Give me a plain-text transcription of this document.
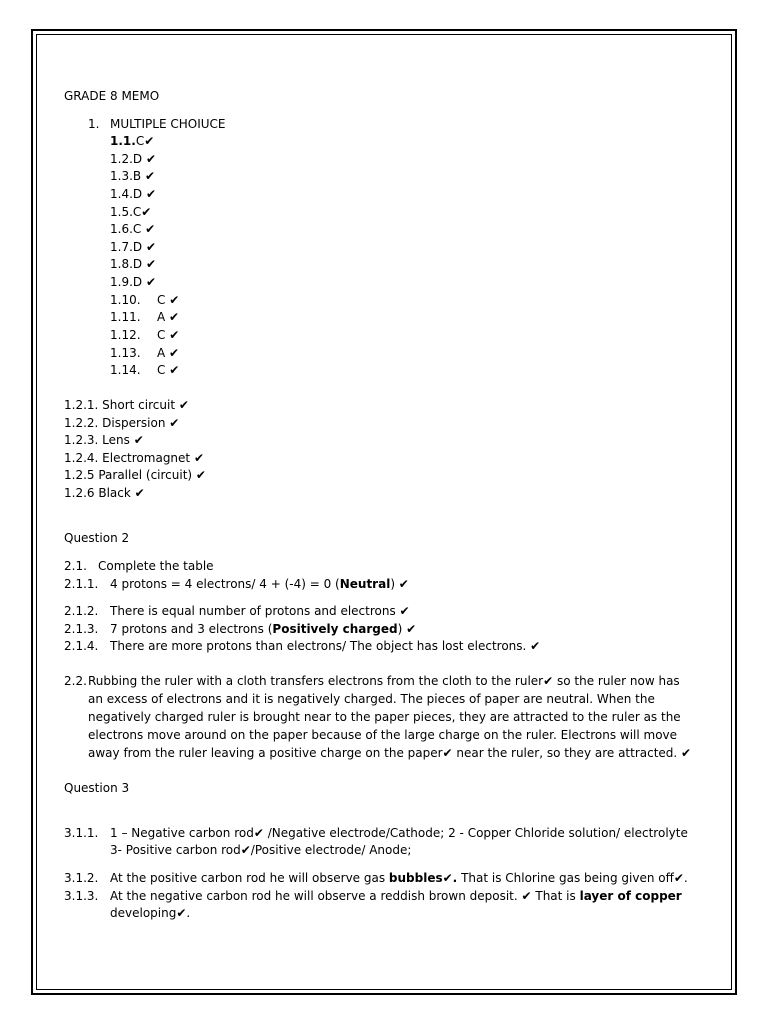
GRADE 8 MEMO
1. MULTIPLE CHOIUCE
1.1.C✔
1.2.D ✔
1.3.B ✔
1.4.D ✔
1.5.C✔
1.6.C ✔
1.7.D ✔
1.8.D ✔
1.9.D ✔
1.10. C ✔
1.11. A ✔
1.12. C ✔
1.13. A ✔
1.14. C ✔
1.2.1. Short circuit ✔
1.2.2. Dispersion ✔
1.2.3. Lens ✔
1.2.4. Electromagnet ✔
1.2.5 Parallel (circuit) ✔
1.2.6 Black ✔
Question 2
2.1. Complete the table
2.1.1. 4 protons = 4 electrons/ 4 + (-4) = 0 (Neutral) ✔
2.1.2. There is equal number of protons and electrons ✔
2.1.3. 7 protons and 3 electrons (Positively charged) ✔
2.1.4. There are more protons than electrons/ The object has lost electrons. ✔
2.2. Rubbing the ruler with a cloth transfers electrons from the cloth to the ruler✔ so the ruler now has
an excess of electrons and it is negatively charged. The pieces of paper are neutral. When the
negatively charged ruler is brought near to the paper pieces, they are attracted to the ruler as the
electrons move around on the paper because of the large charge on the ruler. Electrons will move
away from the ruler leaving a positive charge on the paper✔ near the ruler, so they are attracted. ✔
Question 3
3.1.1. 1 – Negative carbon rod✔ /Negative electrode/Cathode; 2 - Copper Chloride solution/ electrolyte
3- Positive carbon rod✔/Positive electrode/ Anode;
3.1.2. At the positive carbon rod he will observe gas bubbles✔. That is Chlorine gas being given off✔.
3.1.3. At the negative carbon rod he will observe a reddish brown deposit. ✔ That is layer of copper
developing✔.
